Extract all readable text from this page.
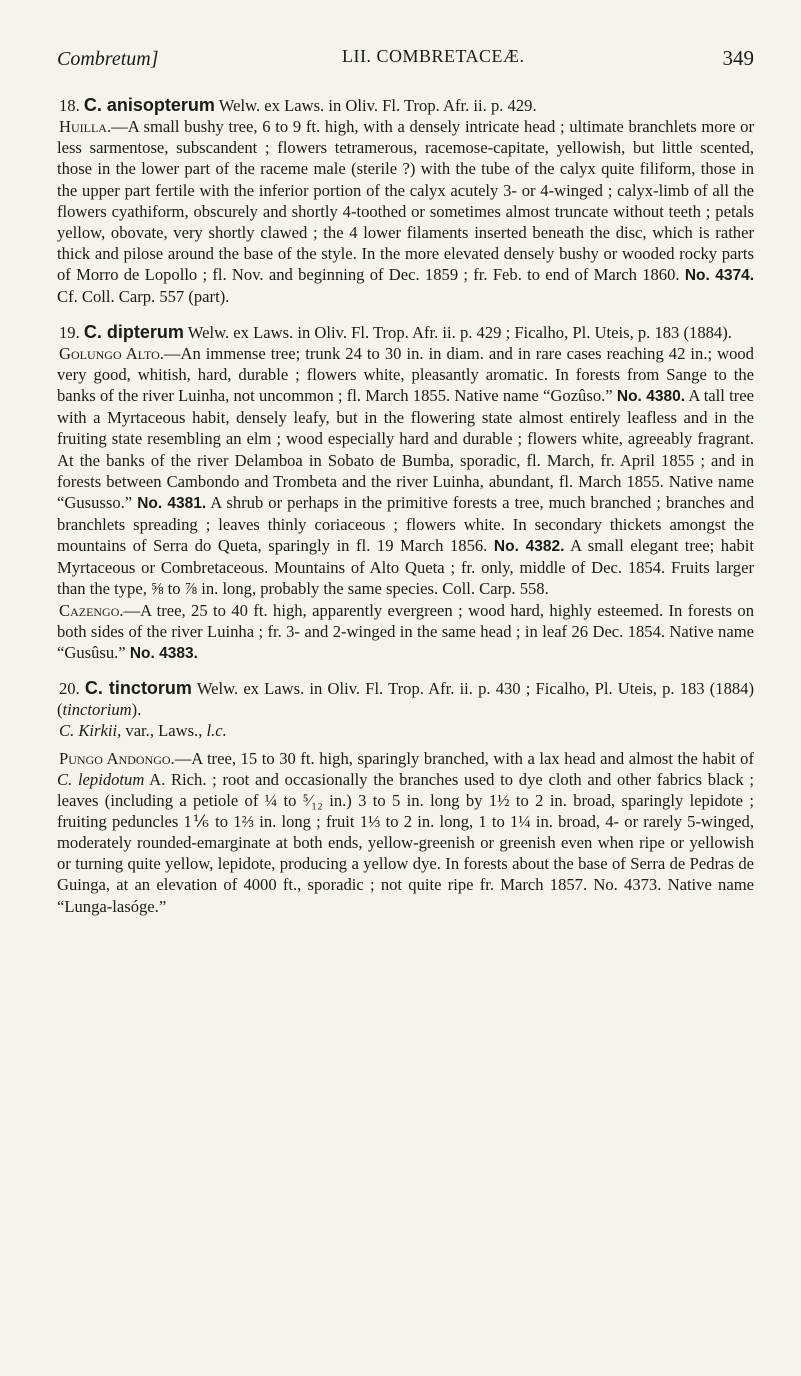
Combretum]	LII. COMBRETACEÆ.	349

18. C. anisopterum Welw. ex Laws. in Oliv. Fl. Trop. Afr. ii. p. 429.

Huilla.—A small bushy tree, 6 to 9 ft. high, with a densely intricate head ; ultimate branchlets more or less sarmentose, subscandent ; flowers tetramerous, racemose-capitate, yellowish, but little scented, those in the lower part of the raceme male (sterile ?) with the tube of the calyx quite filiform, those in the upper part fertile with the inferior portion of the calyx acutely 3- or 4-winged ; calyx-limb of all the flowers cyathiform, obscurely and shortly 4-toothed or sometimes almost truncate without teeth ; petals yellow, obovate, very shortly clawed ; the 4 lower filaments inserted beneath the disc, which is rather thick and pilose around the base of the style. In the more elevated densely bushy or wooded rocky parts of Morro de Lopollo ; fl. Nov. and beginning of Dec. 1859 ; fr. Feb. to end of March 1860. No. 4374. Cf. Coll. Carp. 557 (part).

19. C. dipterum Welw. ex Laws. in Oliv. Fl. Trop. Afr. ii. p. 429 ; Ficalho, Pl. Uteis, p. 183 (1884).

Golungo Alto.—An immense tree; trunk 24 to 30 in. in diam. and in rare cases reaching 42 in.; wood very good, whitish, hard, durable ; flowers white, pleasantly aromatic. In forests from Sange to the banks of the river Luinha, not uncommon ; fl. March 1855. Native name “Gozûso.” No. 4380. A tall tree with a Myrtaceous habit, densely leafy, but in the flowering state almost entirely leafless and in the fruiting state resembling an elm ; wood especially hard and durable ; flowers white, agreeably fragrant. At the banks of the river Delamboa in Sobato de Bumba, sporadic, fl. March, fr. April 1855 ; and in forests between Cambondo and Trombeta and the river Luinha, abundant, fl. March 1855. Native name “Gususso.” No. 4381. A shrub or perhaps in the primitive forests a tree, much branched ; branches and branchlets spreading ; leaves thinly coriaceous ; flowers white. In secondary thickets amongst the mountains of Serra do Queta, sparingly in fl. 19 March 1856. No. 4382. A small elegant tree; habit Myrtaceous or Combretaceous. Mountains of Alto Queta ; fr. only, middle of Dec. 1854. Fruits larger than the type, ⅝ to ⅞ in. long, probably the same species. Coll. Carp. 558.

Cazengo.—A tree, 25 to 40 ft. high, apparently evergreen ; wood hard, highly esteemed. In forests on both sides of the river Luinha ; fr. 3- and 2-winged in the same head ; in leaf 26 Dec. 1854. Native name “Gusûsu.” No. 4383.

20. C. tinctorum Welw. ex Laws. in Oliv. Fl. Trop. Afr. ii. p. 430 ; Ficalho, Pl. Uteis, p. 183 (1884) (tinctorium).

C. Kirkii, var., Laws., l.c.

Pungo Andongo.—A tree, 15 to 30 ft. high, sparingly branched, with a lax head and almost the habit of C. lepidotum A. Rich. ; root and occasionally the branches used to dye cloth and other fabrics black ; leaves (including a petiole of ¼ to ⁵⁄₁₂ in.) 3 to 5 in. long by 1½ to 2 in. broad, sparingly lepidote ; fruiting peduncles 1⅙ to 1⅔ in. long ; fruit 1⅓ to 2 in. long, 1 to 1¼ in. broad, 4- or rarely 5-winged, moderately rounded-emarginate at both ends, yellow-greenish or greenish even when ripe or yellowish or turning quite yellow, lepidote, producing a yellow dye. In forests about the base of Serra de Pedras de Guinga, at an elevation of 4000 ft., sporadic ; not quite ripe fr. March 1857. No. 4373. Native name “Lunga-lasóge.”
